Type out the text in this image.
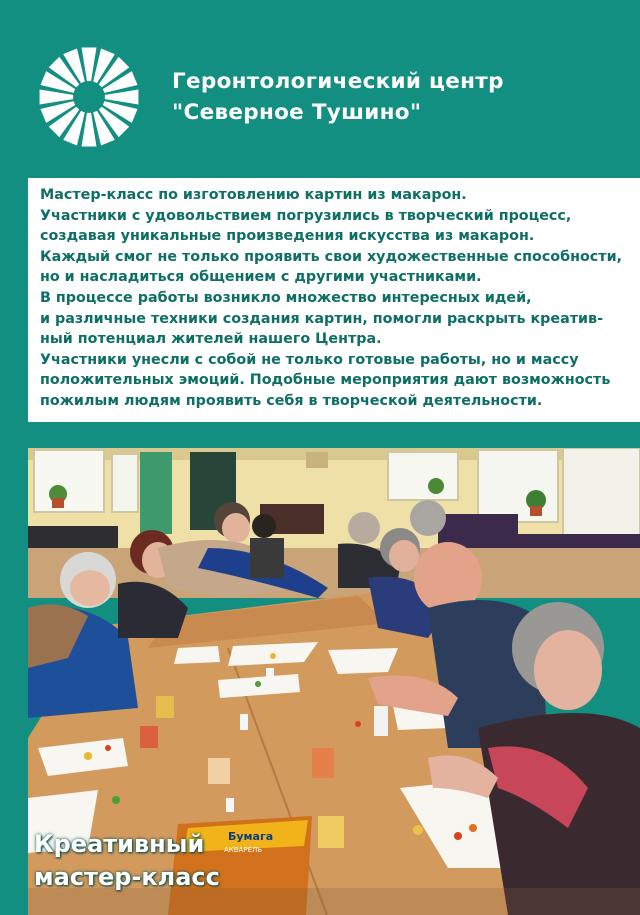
Геронтологический центр
"Северное Тушино"
Мастер-класс по изготовлению картин из макарон.
Участники с удовольствием погрузились в творческий процесс,
создавая уникальные произведения искусства из макарон.
Каждый смог не только проявить свои художественные способности,
но и насладиться общением с другими участниками.
В процессе работы возникло множество интересных идей,
и различные техники создания картин, помогли раскрыть креатив-
ный потенциал жителей нашего Центра.
Участники унесли с собой не только готовые работы, но и массу
положительных эмоций. Подобные мероприятия дают возможность
пожилым людям проявить себя в творческой деятельности.
Бумага
АКВАРЕЛЬ
Креативный
мастер-класс
